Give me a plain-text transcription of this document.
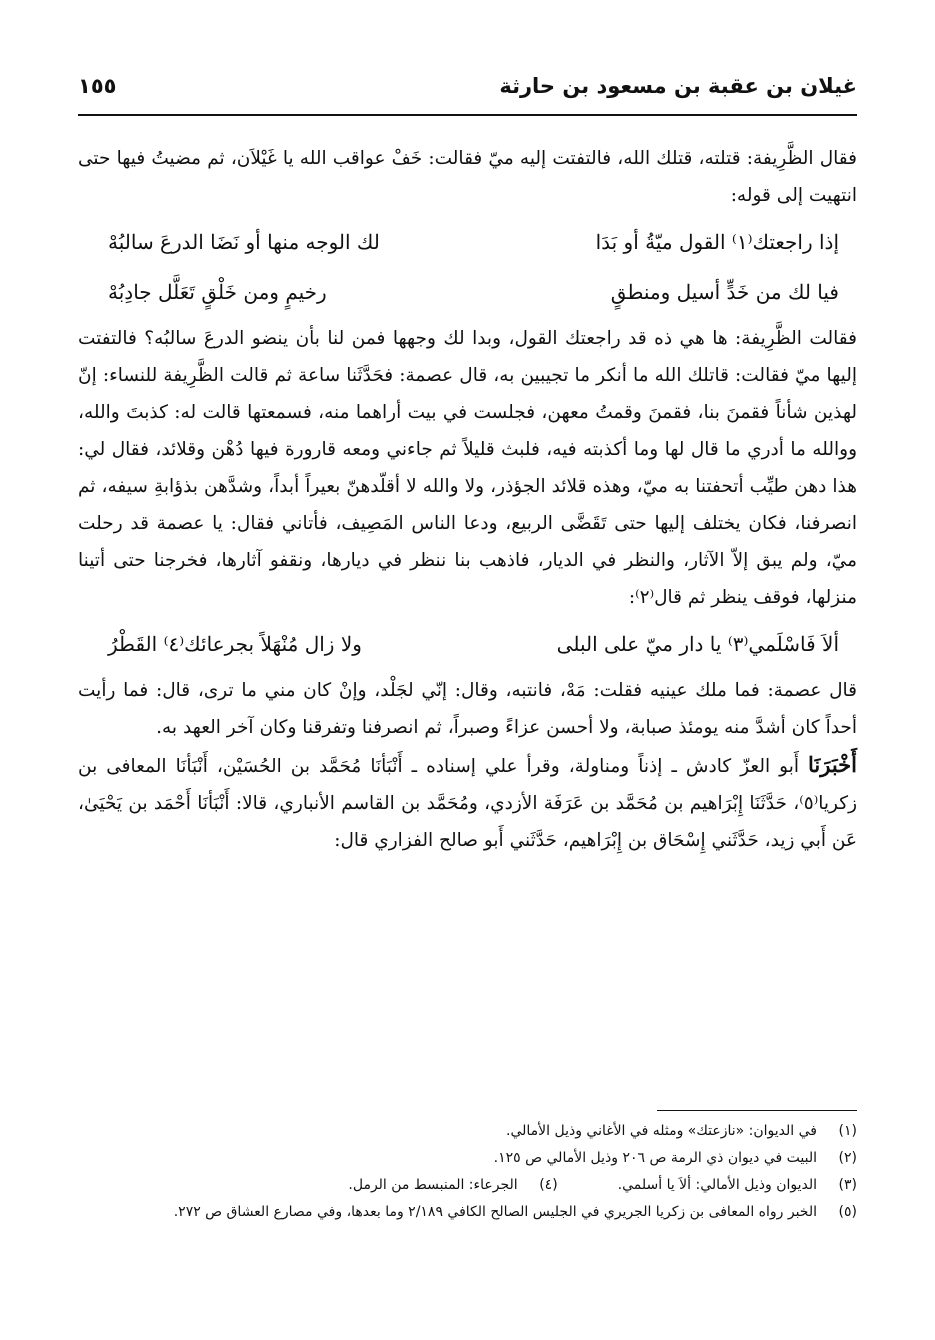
غيلان بن عقبة بن مسعود بن حارثة
١٥٥

فقال الظَّرِيفة: قتلته، قتلك الله، فالتفتت إليه ميّ فقالت: خَفْ عواقب الله يا غَيْلاَن، ثم مضيتُ فيها حتى انتهيت إلى قوله:

إذا راجعتك⁽١⁾ القول ميّةُ أو بَدَا
لك الوجه منها أو نَضَا الدرعَ سالبُهْ
فيا لك من خَدٍّ أسيل ومنطقٍ
رخيمٍ ومن خَلْقٍ تَعَلَّل جادِبُهْ

فقالت الظَّرِيفة: ها هي ذه قد راجعتك القول، وبدا لك وجهها فمن لنا بأن ينضو الدرعَ سالبُه؟ فالتفتت إليها ميّ فقالت: قاتلك الله ما أنكر ما تجيبين به، قال عصمة: فحَدَّثَنا ساعة ثم قالت الظَّرِيفة للنساء: إنّ لهذين شأناً فقمنَ بنا، فقمنَ وقمتُ معهن، فجلست في بيت أراهما منه، فسمعتها قالت له: كذبتَ والله، ووالله ما أدري ما قال لها وما أكذبته فيه، فلبث قليلاً ثم جاءني ومعه قارورة فيها دُهْن وقلائد، فقال لي: هذا دهن طيِّب أتحفتنا به ميّ، وهذه قلائد الجؤذر، ولا والله لا أقلّدهنّ بعيراً أبداً، وشدَّهن بذؤابةِ سيفه، ثم انصرفنا، فكان يختلف إليها حتى تَقَضَّى الربيع، ودعا الناس المَصِيف، فأتاني فقال: يا عصمة قد رحلت ميّ، ولم يبق إلاّ الآثار، والنظر في الديار، فاذهب بنا ننظر في ديارها، ونقفو آثارها، فخرجنا حتى أتينا منزلها، فوقف ينظر ثم قال⁽٢⁾:

ألاَ فَاسْلَمي⁽٣⁾ يا دار ميّ على البلى
ولا زال مُنْهَلاً بجرعائك⁽٤⁾ القَطْرُ

قال عصمة: فما ملك عينيه فقلت: مَهْ، فانتبه، وقال: إنّي لجَلْد، وإنْ كان مني ما ترى، قال: فما رأيت أحداً كان أشدَّ منه يومئذ صبابة، ولا أحسن عزاءً وصبراً، ثم انصرفنا وتفرقنا وكان آخر العهد به.

أَخْبَرَنَا أَبو العزّ كادش ـ إذناً ومناولة، وقرأ علي إسناده ـ أَنْبَأنَا مُحَمَّد بن الحُسَيْن، أَنْبَأنَا المعافى بن زكريا⁽٥⁾، حَدَّثَنَا إِبْرَاهيم بن مُحَمَّد بن عَرَفَة الأزدي، ومُحَمَّد بن القاسم الأنباري، قالا: أَنْبَأنَا أَحْمَد بن يَحْيَىٰ، عَن أَبي زيد، حَدَّثَني إِسْحَاق بن إِبْرَاهيم، حَدَّثَني أَبو صالح الفزاري قال:

(١)
في الديوان: «نازعتك» ومثله في الأغاني وذيل الأمالي.
(٢)
البيت في ديوان ذي الرمة ص ٢٠٦ وذيل الأمالي ص ١٢٥.
(٣)
الديوان وذيل الأمالي: ألاَ يا أسلمي.
(٤)
الجرعاء: المنبسط من الرمل.
(٥)
الخبر رواه المعافى بن زكريا الجريري في الجليس الصالح الكافي ٢/١٨٩ وما بعدها، وفي مصارع العشاق ص ٢٧٢.
